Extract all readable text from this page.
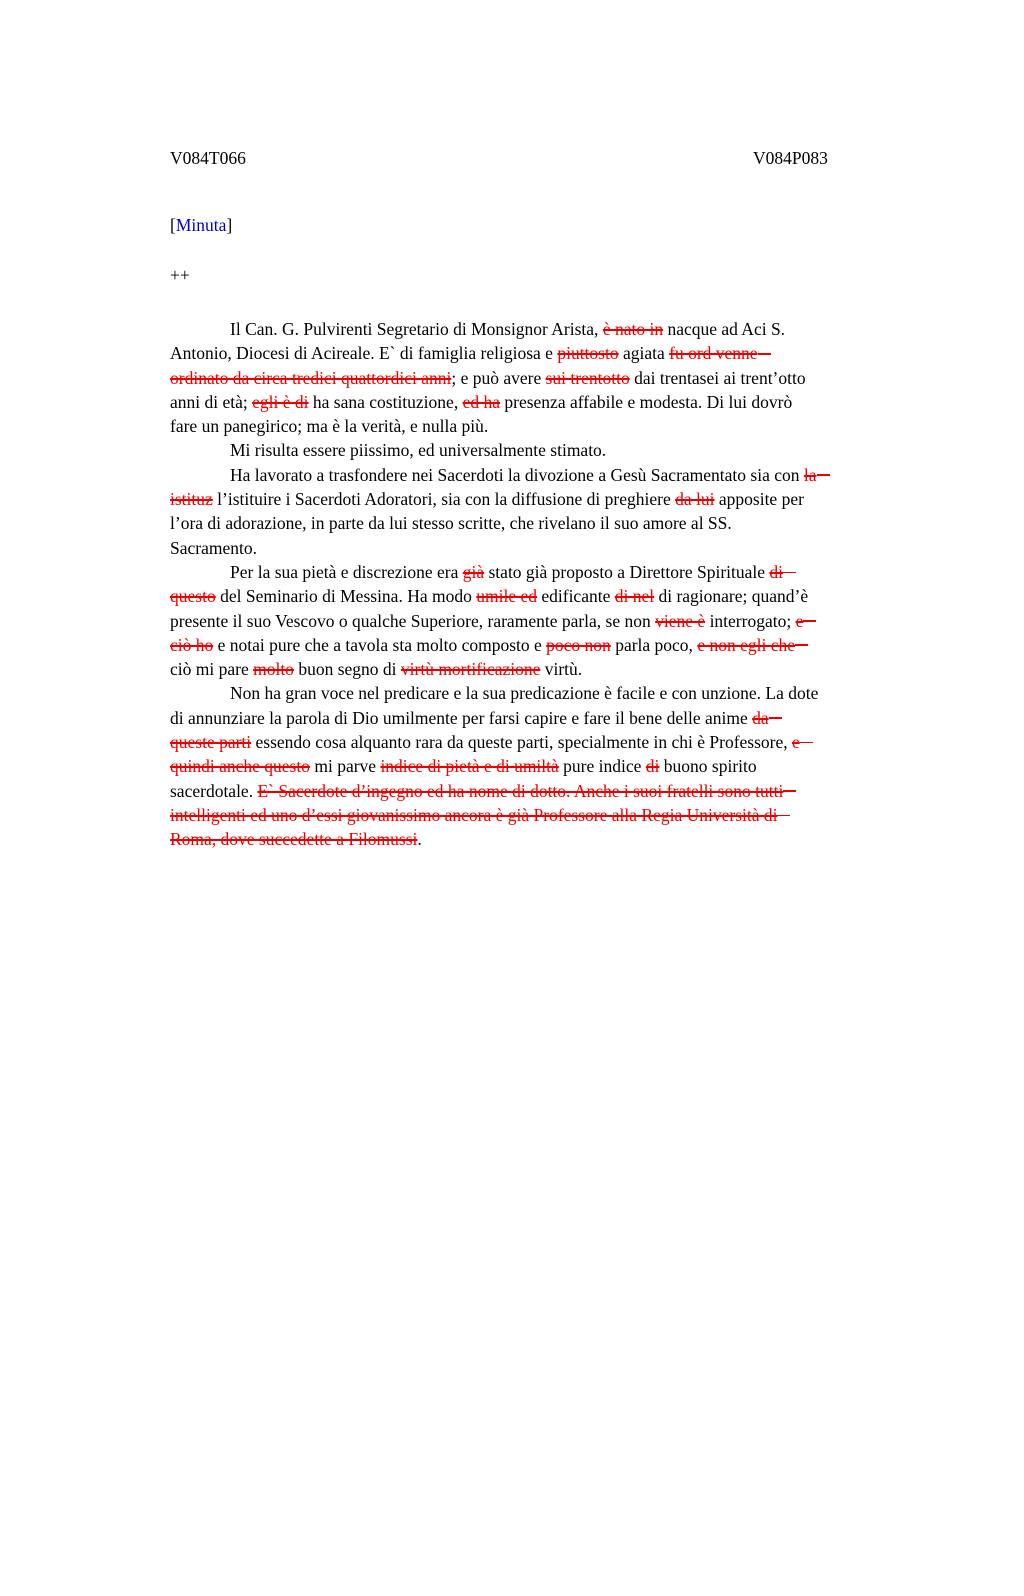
V084T066	V084P083
[Minuta]
++
Il Can. G. Pulvirenti Segretario di Monsignor Arista, è nato in nacque ad Aci S.
Antonio, Diocesi di Acireale. E` di famiglia religiosa e piuttosto agiata fu ord venne
ordinato da circa tredici quattordici anni; e può avere sui trentotto dai trentasei ai trent’otto
anni di età; egli è di ha sana costituzione, ed ha presenza affabile e modesta. Di lui dovrò
fare un panegirico; ma è la verità, e nulla più.
Mi risulta essere piissimo, ed universalmente stimato.
Ha lavorato a trasfondere nei Sacerdoti la divozione a Gesù Sacramentato sia con la
istituz l’istituire i Sacerdoti Adoratori, sia con la diffusione di preghiere da lui apposite per
l’ora di adorazione, in parte da lui stesso scritte, che rivelano il suo amore al SS.
Sacramento.
Per la sua pietà e discrezione era già stato già proposto a Direttore Spirituale di
questo del Seminario di Messina. Ha modo umile ed edificante di nel di ragionare; quand’è
presente il suo Vescovo o qualche Superiore, raramente parla, se non viene è interrogato; e
ciò ho e notai pure che a tavola sta molto composto e poco non parla poco, e non egli che
ciò mi pare molto buon segno di virtù mortificazione virtù.
Non ha gran voce nel predicare e la sua predicazione è facile e con unzione. La dote
di annunziare la parola di Dio umilmente per farsi capire e fare il bene delle anime da
queste parti essendo cosa alquanto rara da queste parti, specialmente in chi è Professore, e
quindi anche questo mi parve indice di pietà e di umiltà pure indice di buono spirito
sacerdotale. E` Sacerdote d’ingegno ed ha nome di dotto. Anche i suoi fratelli sono tutti
intelligenti ed uno d’essi giovanissimo ancora è già Professore alla Regia Università di
Roma, dove succedette a Filomussi.
